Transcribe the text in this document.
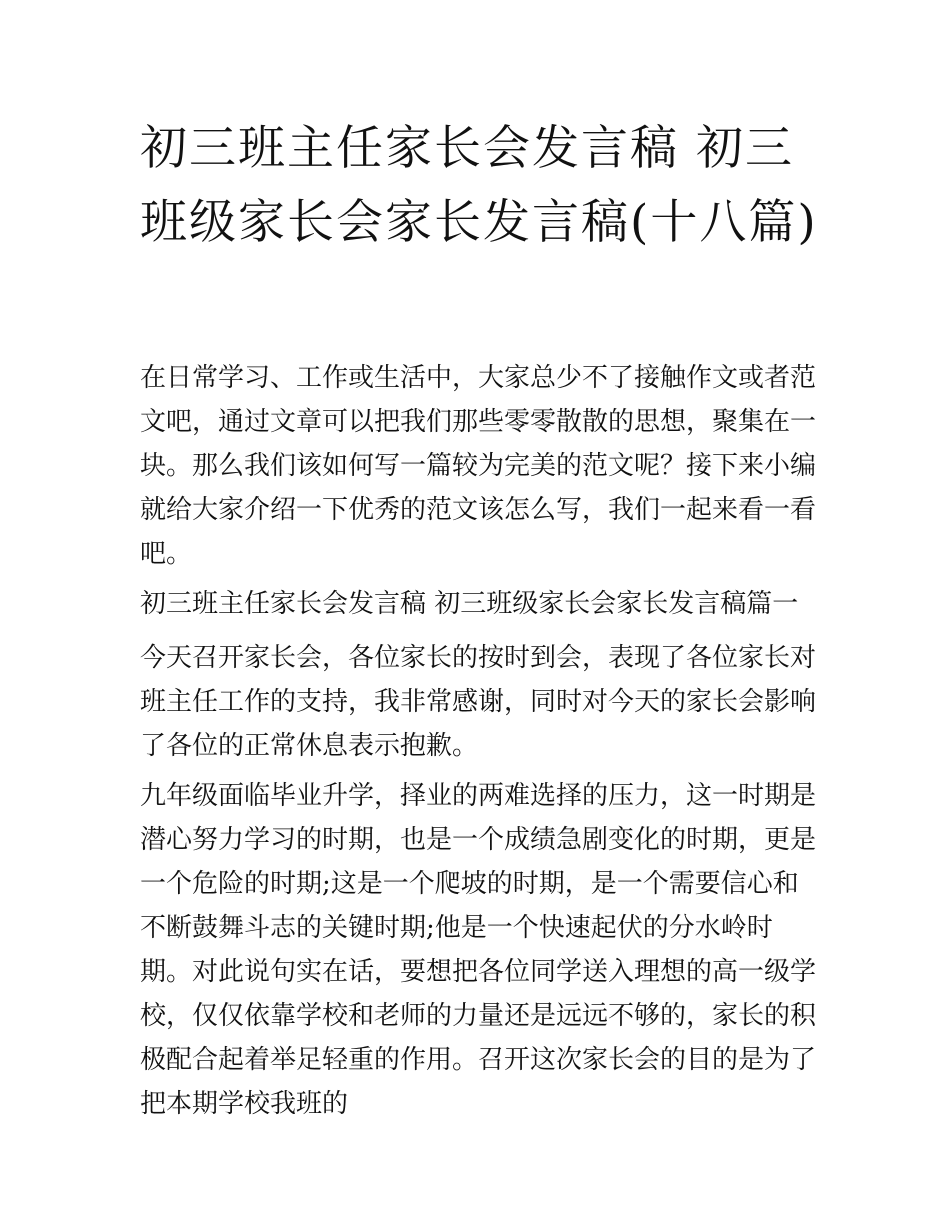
初三班主任家长会发言稿 初三班级家长会家长发言稿(十八篇)

在日常学习、工作或生活中，大家总少不了接触作文或者范文吧，通过文章可以把我们那些零零散散的思想，聚集在一块。那么我们该如何写一篇较为完美的范文呢？接下来小编就给大家介绍一下优秀的范文该怎么写，我们一起来看一看吧。

初三班主任家长会发言稿 初三班级家长会家长发言稿篇一

今天召开家长会，各位家长的按时到会，表现了各位家长对班主任工作的支持，我非常感谢，同时对今天的家长会影响了各位的正常休息表示抱歉。

九年级面临毕业升学，择业的两难选择的压力，这一时期是潜心努力学习的时期，也是一个成绩急剧变化的时期，更是一个危险的时期;这是一个爬坡的时期，是一个需要信心和不断鼓舞斗志的关键时期;他是一个快速起伏的分水岭时期。对此说句实在话，要想把各位同学送入理想的高一级学校，仅仅依靠学校和老师的力量还是远远不够的，家长的积极配合起着举足轻重的作用。召开这次家长会的目的是为了把本期学校我班的
